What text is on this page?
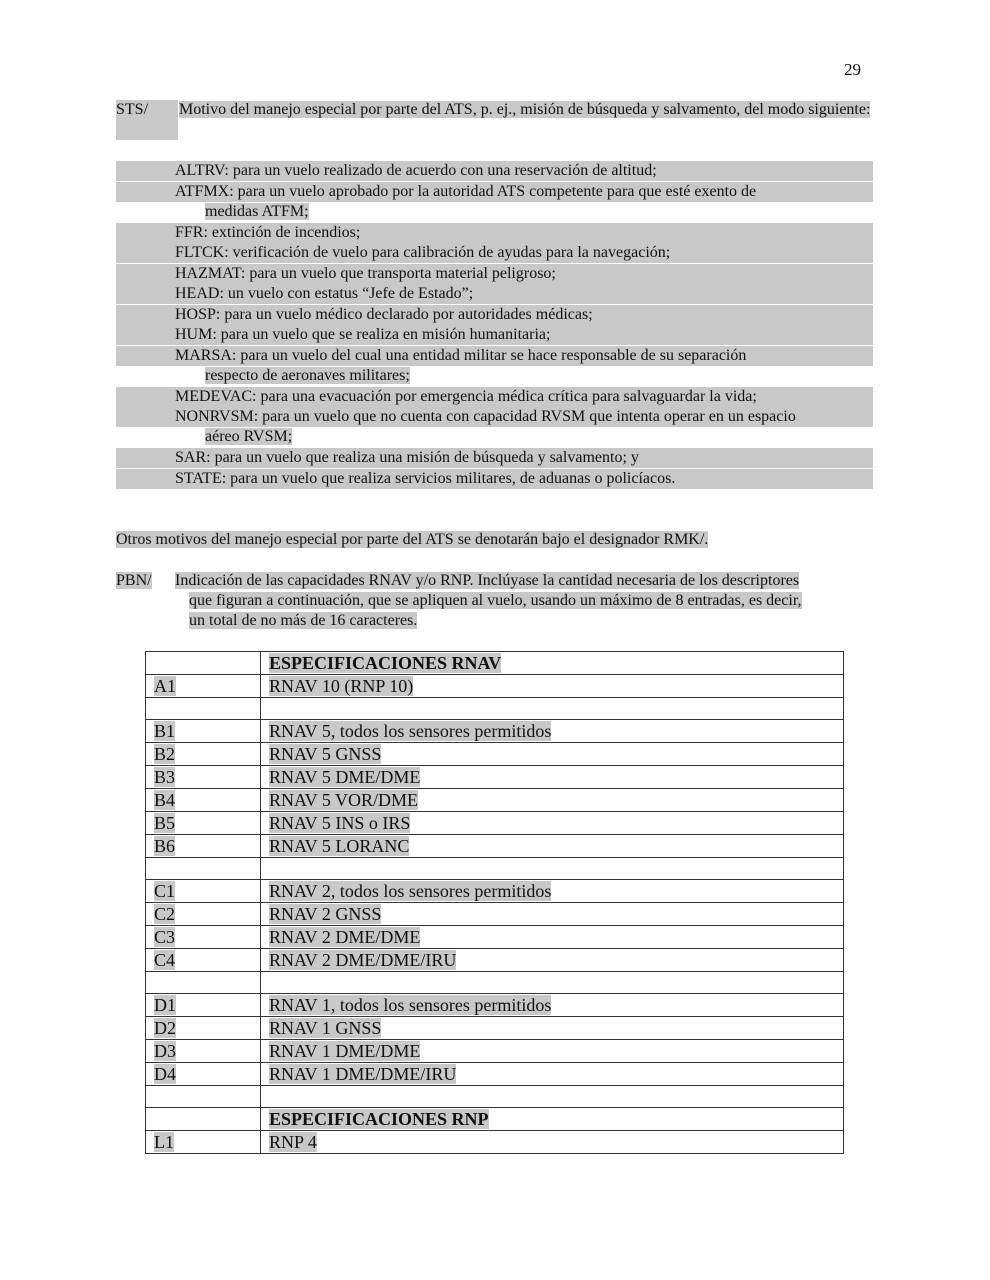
29
STS/	Motivo del manejo especial por parte del ATS, p. ej., misión de búsqueda y salvamento, del modo siguiente:
ALTRV: para un vuelo realizado de acuerdo con una reservación de altitud;
ATFMX: para un vuelo aprobado por la autoridad ATS competente para que esté exento de
medidas ATFM;
FFR: extinción de incendios;
FLTCK: verificación de vuelo para calibración de ayudas para la navegación;
HAZMAT: para un vuelo que transporta material peligroso;
HEAD: un vuelo con estatus “Jefe de Estado”;
HOSP: para un vuelo médico declarado por autoridades médicas;
HUM: para un vuelo que se realiza en misión humanitaria;
MARSA: para un vuelo del cual una entidad militar se hace responsable de su separación
respecto de aeronaves militares;
MEDEVAC: para una evacuación por emergencia médica crítica para salvaguardar la vida;
NONRVSM: para un vuelo que no cuenta con capacidad RVSM que intenta operar en un espacio
aéreo RVSM;
SAR: para un vuelo que realiza una misión de búsqueda y salvamento; y
STATE: para un vuelo que realiza servicios militares, de aduanas o policíacos.
Otros motivos del manejo especial por parte del ATS se denotarán bajo el designador RMK/.
PBN/ Indicación de las capacidades RNAV y/o RNP. Inclúyase la cantidad necesaria de los descriptores
que figuran a continuación, que se apliquen al vuelo, usando un máximo de 8 entradas, es decir,
un total de no más de 16 caracteres.
	ESPECIFICACIONES RNAV
A1	RNAV 10 (RNP 10)

B1	RNAV 5, todos los sensores permitidos
B2	RNAV 5 GNSS
B3	RNAV 5 DME/DME
B4	RNAV 5 VOR/DME
B5	RNAV 5 INS o IRS
B6	RNAV 5 LORANC

C1	RNAV 2, todos los sensores permitidos
C2	RNAV 2 GNSS
C3	RNAV 2 DME/DME
C4	RNAV 2 DME/DME/IRU

D1	RNAV 1, todos los sensores permitidos
D2	RNAV 1 GNSS
D3	RNAV 1 DME/DME
D4	RNAV 1 DME/DME/IRU

	ESPECIFICACIONES RNP
L1	RNP 4
